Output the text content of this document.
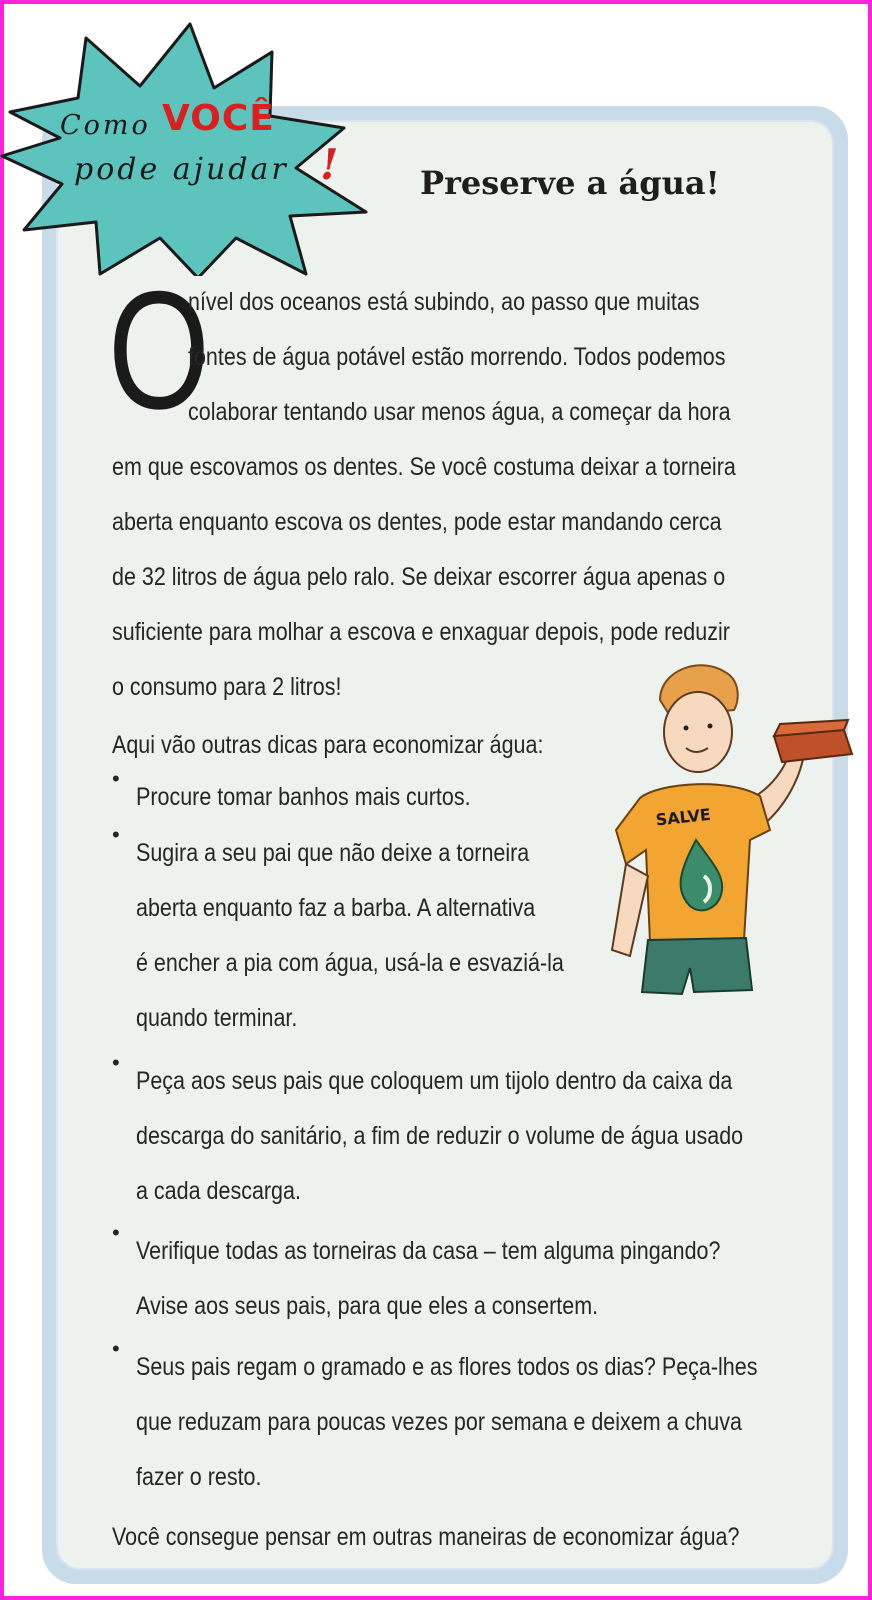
Como VOCÊ
pode ajudar !	Preserve a água!
O

nível dos oceanos está subindo, ao passo que muitas

fontes de água potável estão morrendo. Todos podemos

colaborar tentando usar menos água, a começar da hora

em que escovamos os dentes. Se você costuma deixar a torneira

aberta enquanto escova os dentes, pode estar mandando cerca

de 32 litros de água pelo ralo. Se deixar escorrer água apenas o

suficiente para molhar a escova e enxaguar depois, pode reduzir

o consumo para 2 litros!

Aqui vão outras dicas para economizar água:

•

Procure tomar banhos mais curtos.

•

Sugira a seu pai que não deixe a torneira

aberta enquanto faz a barba. A alternativa

é encher a pia com água, usá-la e esvaziá-la

quando terminar.

•

Peça aos seus pais que coloquem um tijolo dentro da caixa da

descarga do sanitário, a fim de reduzir o volume de água usado

a cada descarga.

•

Verifique todas as torneiras da casa – tem alguma pingando?

Avise aos seus pais, para que eles a consertem.

•

Seus pais regam o gramado e as flores todos os dias? Peça-lhes

que reduzam para poucas vezes por semana e deixem a chuva

fazer o resto.

Você consegue pensar em outras maneiras de economizar água?

SALVE
